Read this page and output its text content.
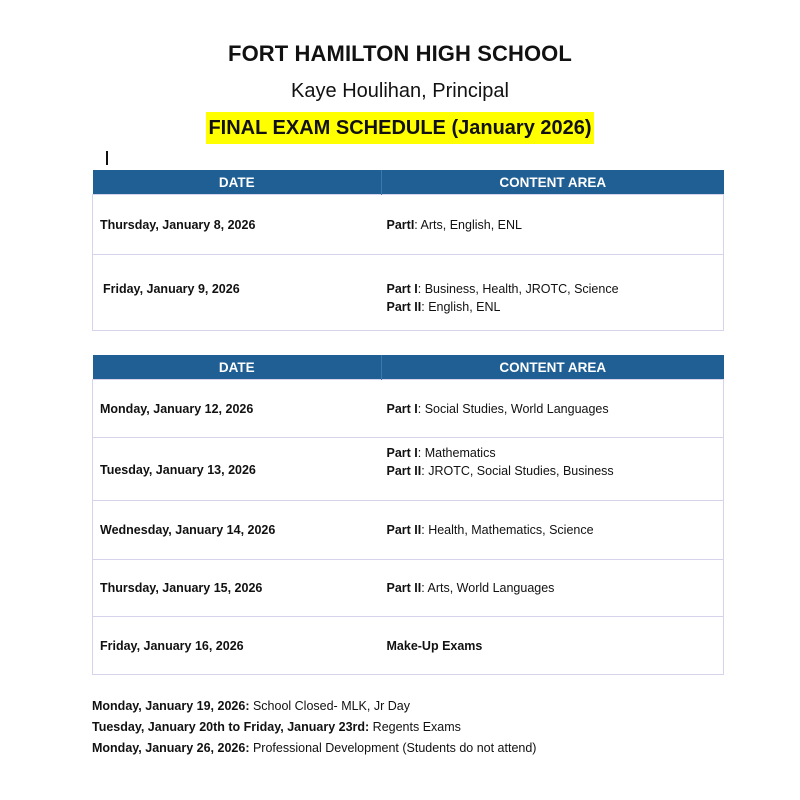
FORT HAMILTON HIGH SCHOOL
Kaye Houlihan, Principal
FINAL EXAM SCHEDULE (January 2026)
DATE	CONTENT AREA
Thursday, January 8, 2026	PartI: Arts, English, ENL
Friday, January 9, 2026	Part I: Business, Health, JROTC, Science
Part II: English, ENL
DATE	CONTENT AREA
Monday, January 12, 2026	Part I: Social Studies, World Languages
Tuesday, January 13, 2026	Part I: Mathematics
Part II: JROTC, Social Studies, Business

Wednesday, January 14, 2026	Part II: Health, Mathematics, Science
Thursday, January 15, 2026	Part II: Arts, World Languages
Friday, January 16, 2026	Make-Up Exams
Monday, January 19, 2026: School Closed- MLK, Jr Day
Tuesday, January 20th to Friday, January 23rd: Regents Exams
Monday, January 26, 2026: Professional Development (Students do not attend)
